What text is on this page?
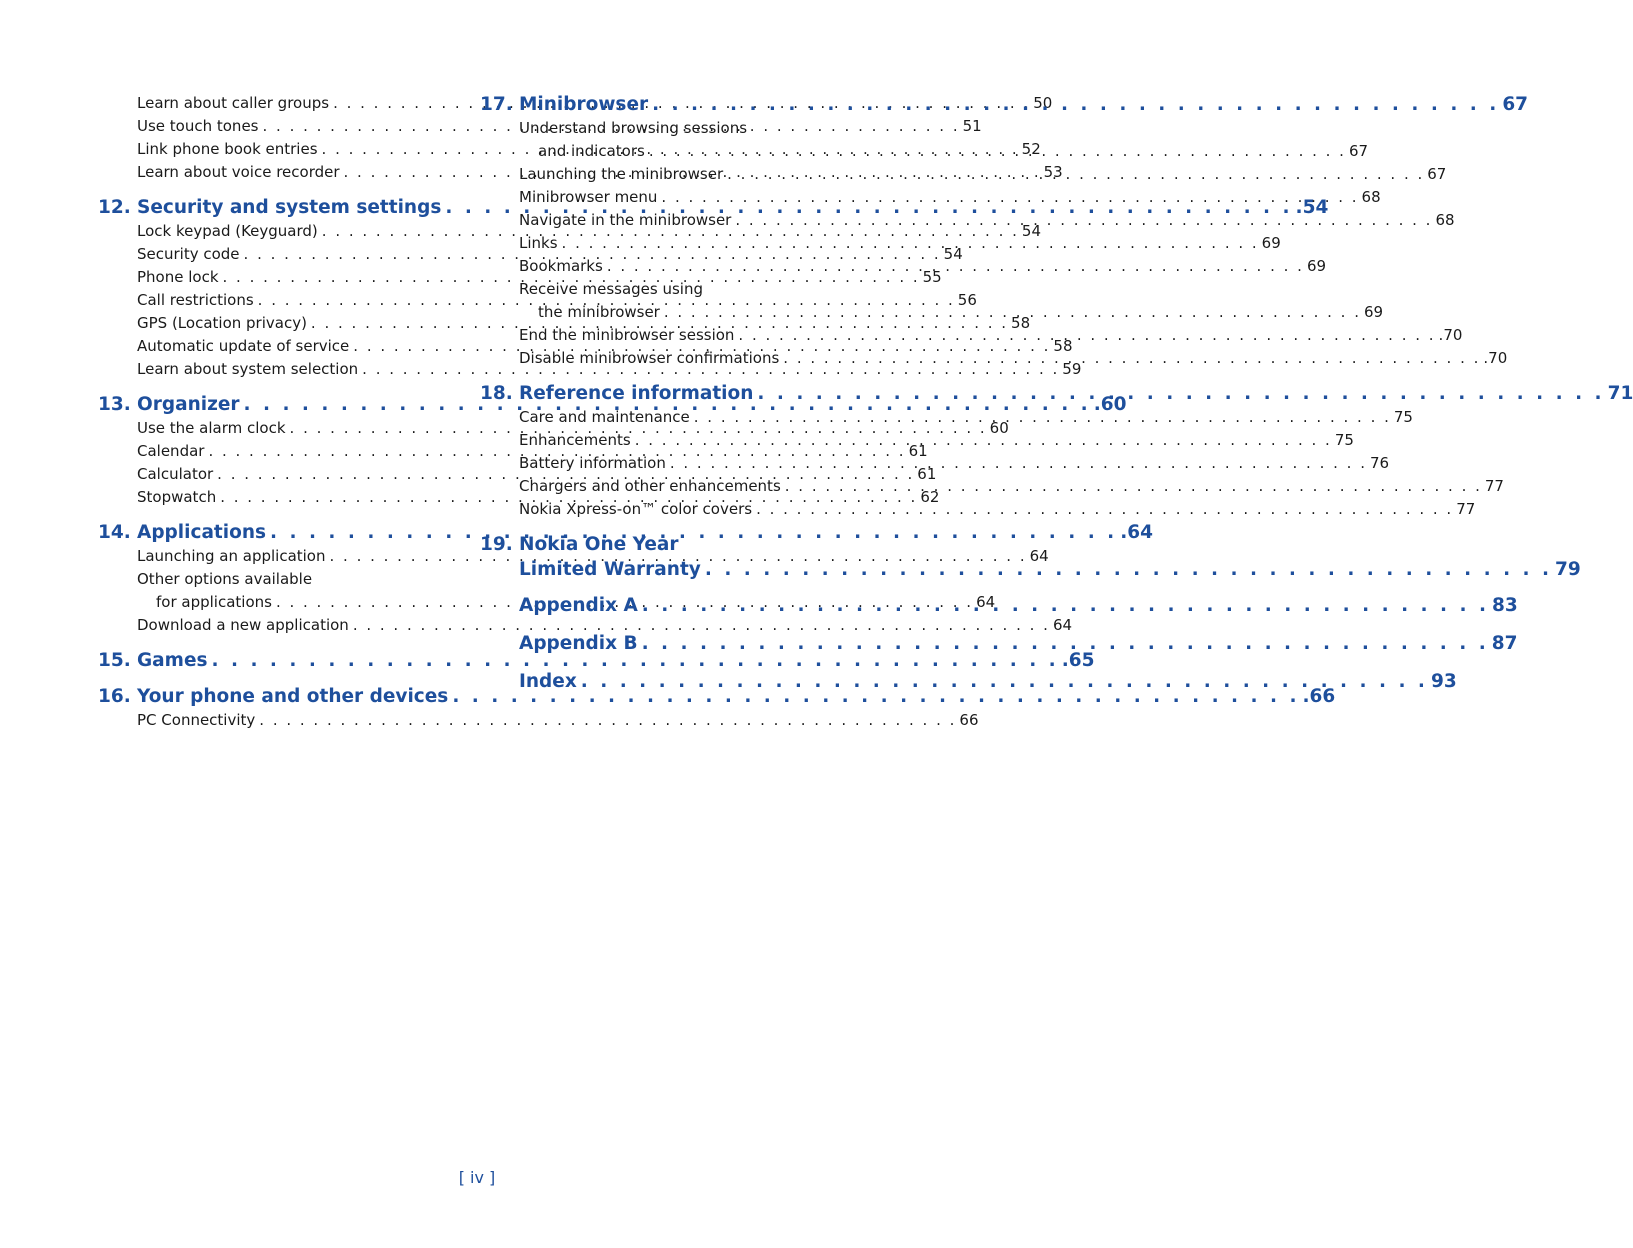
Learn about caller groups . . .	50
Use touch tones . . .	51
Link phone book entries . . .	52
Learn about voice recorder . . .	53
12. Security and system settings . . .	.54
Lock keypad (Keyguard) . . .	54
Security code . . .	54
Phone lock . . .	55
Call restrictions . . .	56
GPS (Location privacy) . . .	58
Automatic update of service . . .	58
Learn about system selection . . .	59
13. Organizer . . .	.60
Use the alarm clock . . .	60
Calendar . . .	61
Calculator . . .	61
Stopwatch . . .	62
14. Applications . . .	.64
Launching an application . . .	64
Other options available
for applications . . .	64
Download a new application . . .	64
15. Games . . .	.65
16. Your phone and other devices . . .	.66
PC Connectivity . . .	66
17. Minibrowser . . .	67
Understand browsing sessions
and indicators . . .	67
Launching the minibrowser . . .	67
Minibrowser menu . . .	68
Navigate in the minibrowser . . .	68
Links . . .	69
Bookmarks . . .	69
Receive messages using
the minibrowser . . .	69
End the minibrowser session . . .	.70
Disable minibrowser confirmations . . .	.70
18. Reference information . . .	71
Care and maintenance . . .	75
Enhancements . . .	75
Battery information . . .	76
Chargers and other enhancements . . .	77
Nokia Xpress-on™ color covers . . .	77
19. Nokia One Year
Limited Warranty . . .	79
Appendix A . . .	83
Appendix B . . .	87
Index . . .	93
[ iv ]
